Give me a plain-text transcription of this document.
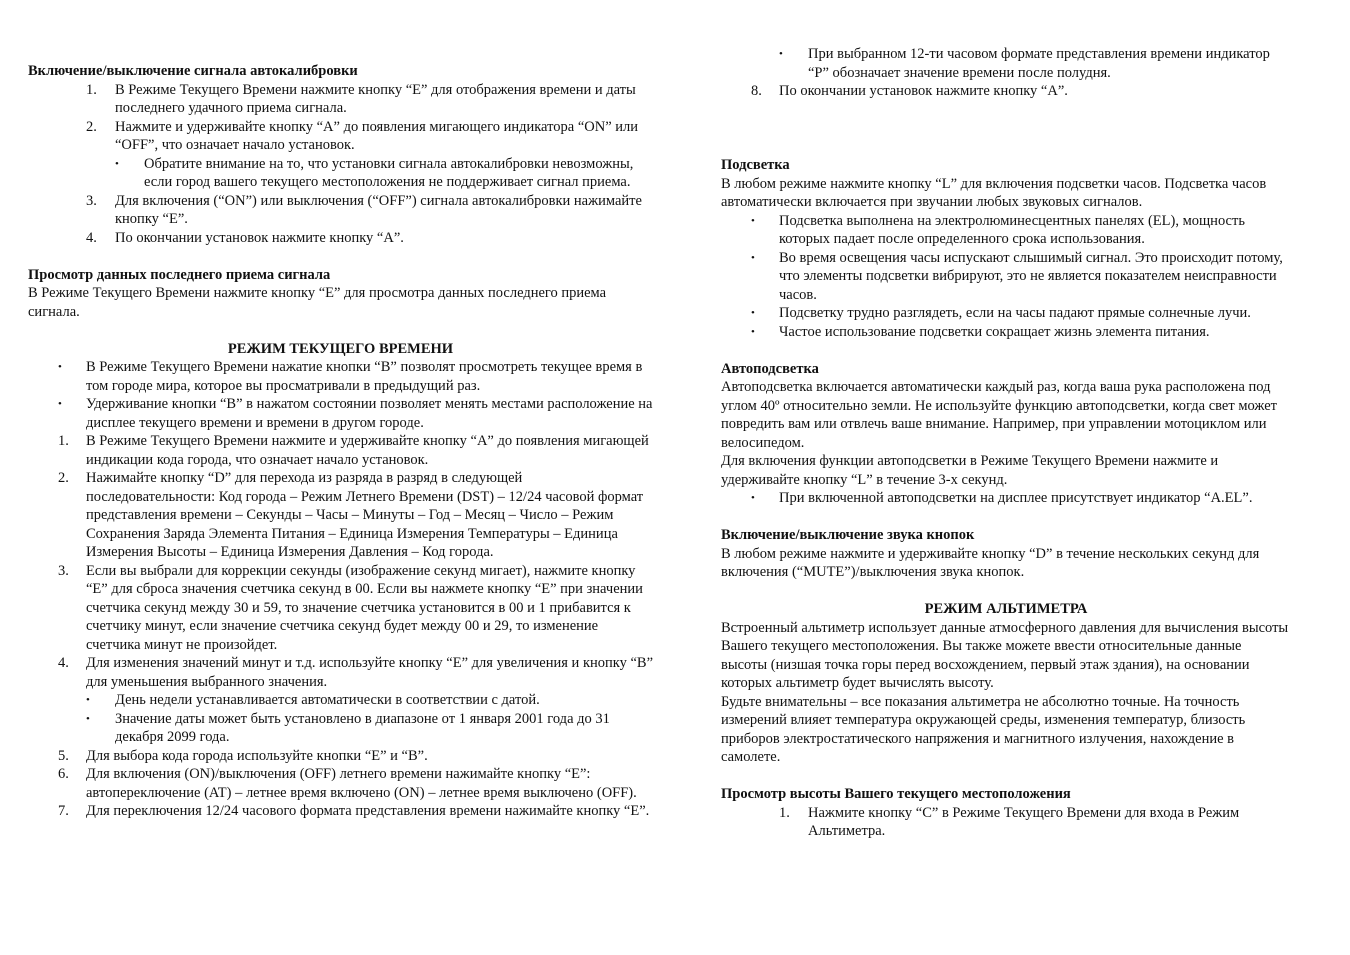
Включение/выключение сигнала автокалибровки

1. В Режиме Текущего Времени нажмите кнопку “E” для отображения времени и даты последнего удачного приема сигнала.
2. Нажмите и удерживайте кнопку “A” до появления мигающего индикатора “ON” или “OFF”, что означает начало установок.
• Обратите внимание на то, что установки сигнала автокалибровки невозможны, если город вашего текущего местоположения не поддерживает сигнал приема.
3. Для включения (“ON”) или выключения (“OFF”) сигнала автокалибровки нажимайте кнопку “E”.
4. По окончании установок нажмите кнопку “A”.

Просмотр данных последнего приема сигнала

В Режиме Текущего Времени нажмите кнопку “E” для просмотра данных последнего приема сигнала.

РЕЖИМ ТЕКУЩЕГО ВРЕМЕНИ

• В Режиме Текущего Времени нажатие кнопки “B” позволят просмотреть текущее время в том городе мира, которое вы просматривали в предыдущий раз.
• Удерживание кнопки “B” в нажатом состоянии позволяет менять местами расположение на дисплее текущего времени и времени в другом городе.
1. В Режиме Текущего Времени нажмите и удерживайте кнопку “A” до появления мигающей индикации кода города, что означает начало установок.
2. Нажимайте кнопку “D” для перехода из разряда в разряд в следующей последовательности: Код города – Режим Летнего Времени (DST) – 12/24 часовой формат представления времени – Секунды – Часы – Минуты – Год – Месяц – Число – Режим Сохранения Заряда Элемента Питания – Единица Измерения Температуры – Единица Измерения Высоты – Единица Измерения Давления – Код города.
3. Если вы выбрали для коррекции секунды (изображение секунд мигает), нажмите кнопку “E” для сброса значения счетчика секунд в 00. Если вы нажмете кнопку “E” при значении счетчика секунд между 30 и 59, то значение счетчика установится в 00 и 1 прибавится к счетчику минут, если значение счетчика секунд будет между 00 и 29, то изменение счетчика минут не произойдет.
4. Для изменения значений минут и т.д. используйте кнопку “E” для увеличения и кнопку “B” для уменьшения выбранного значения.
• День недели устанавливается автоматически в соответствии с датой.
• Значение даты может быть установлено в диапазоне от 1 января 2001 года до 31 декабря 2099 года.
5. Для выбора кода города используйте кнопки “E” и “B”.
6. Для включения (ON)/выключения (OFF) летнего времени нажимайте кнопку “E”: автопереключение (AT) – летнее время включено (ON) – летнее время выключено (OFF).
7. Для переключения 12/24 часового формата представления времени нажимайте кнопку “E”.
• При выбранном 12-ти часовом формате представления времени индикатор “P” обозначает значение времени после полудня.
8. По окончании установок нажмите кнопку “A”.

Подсветка

В любом режиме нажмите кнопку “L” для включения подсветки часов. Подсветка часов автоматически включается при звучании любых звуковых сигналов.

• Подсветка выполнена на электролюминесцентных панелях (EL), мощность которых падает после определенного срока использования.
• Во время освещения часы испускают слышимый сигнал. Это происходит потому, что элементы подсветки вибрируют, это не является показателем неисправности часов.
• Подсветку трудно разглядеть, если на часы падают прямые солнечные лучи.
• Частое использование подсветки сокращает жизнь элемента питания.

Автоподсветка

Автоподсветка включается автоматически каждый раз, когда ваша рука расположена под углом 40º относительно земли. Не используйте функцию автоподсветки, когда свет может повредить вам или отвлечь ваше внимание. Например, при управлении мотоциклом или велосипедом.

Для включения функции автоподсветки в Режиме Текущего Времени нажмите и удерживайте кнопку “L” в течение 3-х секунд.

• При включенной автоподсветки на дисплее присутствует индикатор “A.EL”.

Включение/выключение звука кнопок

В любом режиме нажмите и удерживайте кнопку “D” в течение нескольких секунд для включения (“MUTE”)/выключения звука кнопок.

РЕЖИМ АЛЬТИМЕТРА

Встроенный альтиметр использует данные атмосферного давления для вычисления высоты Вашего текущего местоположения. Вы также можете ввести относительные данные высоты (низшая точка горы перед восхождением, первый этаж здания), на основании которых альтиметр будет вычислять высоту.

Будьте внимательны – все показания альтиметра не абсолютно точные. На точность измерений влияет температура окружающей среды, изменения температур, близость приборов электростатического напряжения и магнитного излучения, нахождение в самолете.

Просмотр высоты Вашего текущего местоположения

1. Нажмите кнопку “C” в Режиме Текущего Времени для входа в Режим Альтиметра.
